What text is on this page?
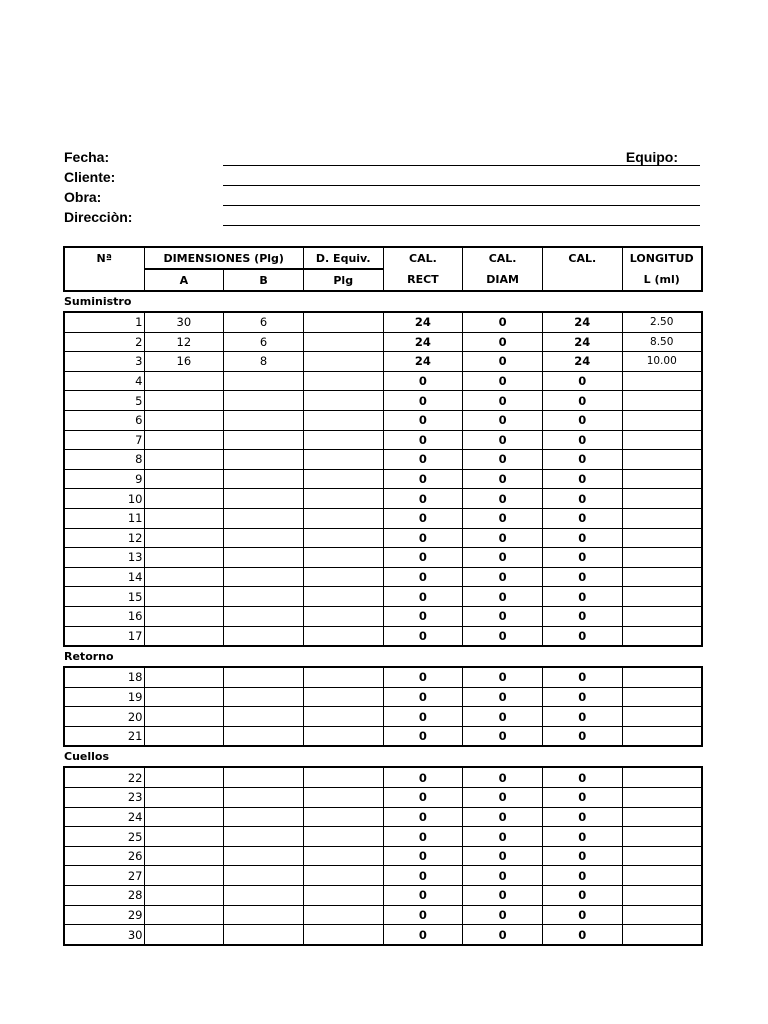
Fecha:	Equipo:
Cliente:
Obra:
Direcciòn:
Nª	DIMENSIONES (Plg)		D. Equiv.	CAL.	CAL.	CAL.	LONGITUD
	A	B	Plg	RECT	DIAM		L (ml)
Suministro							
1	30	6		24	0	24	2.50
2	12	6		24	0	24	8.50
3	16	8		24	0	24	10.00
4				0	0	0	
5				0	0	0	
6				0	0	0	
7				0	0	0	
8				0	0	0	
9				0	0	0	
10				0	0	0	
11				0	0	0	
12				0	0	0	
13				0	0	0	
14				0	0	0	
15				0	0	0	
16				0	0	0	
17				0	0	0	
Retorno							
18				0	0	0	
19				0	0	0	
20				0	0	0	
21				0	0	0	
Cuellos							
22				0	0	0	
23				0	0	0	
24				0	0	0	
25				0	0	0	
26				0	0	0	
27				0	0	0	
28				0	0	0	
29				0	0	0	
30				0	0	0	
